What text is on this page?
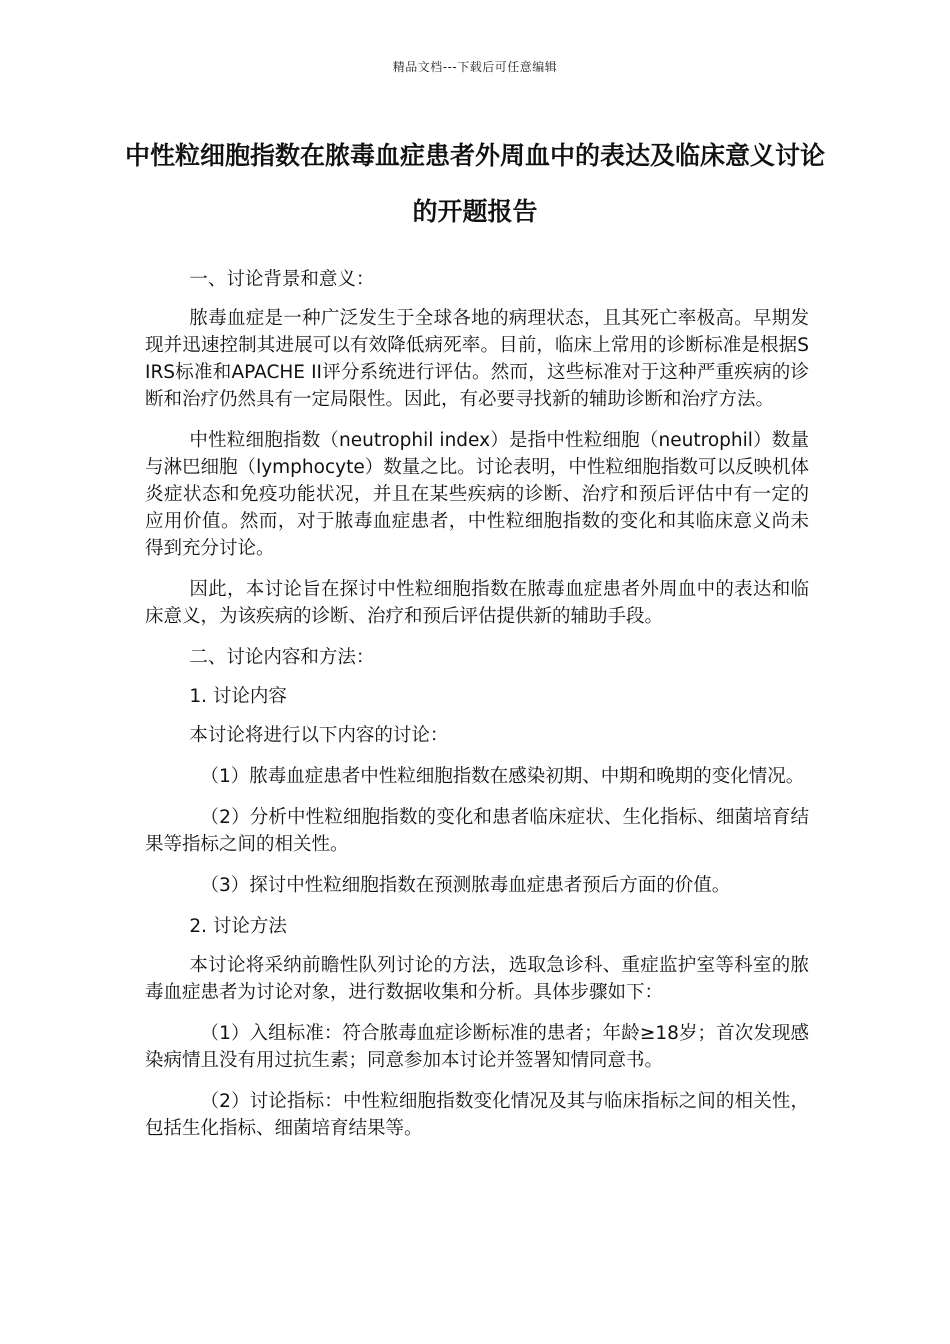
精品文档---下载后可任意编辑
中性粒细胞指数在脓毒血症患者外周血中的表达及临床意义讨论的开题报告

一、讨论背景和意义：

脓毒血症是一种广泛发生于全球各地的病理状态，且其死亡率极高。早期发现并迅速控制其进展可以有效降低病死率。目前，临床上常用的诊断标准是根据SIRS标准和APACHE II评分系统进行评估。然而，这些标准对于这种严重疾病的诊断和治疗仍然具有一定局限性。因此，有必要寻找新的辅助诊断和治疗方法。

中性粒细胞指数（neutrophil index）是指中性粒细胞（neutrophil）数量与淋巴细胞（lymphocyte）数量之比。讨论表明，中性粒细胞指数可以反映机体炎症状态和免疫功能状况，并且在某些疾病的诊断、治疗和预后评估中有一定的应用价值。然而，对于脓毒血症患者，中性粒细胞指数的变化和其临床意义尚未得到充分讨论。

因此，本讨论旨在探讨中性粒细胞指数在脓毒血症患者外周血中的表达和临床意义，为该疾病的诊断、治疗和预后评估提供新的辅助手段。

二、讨论内容和方法：

1. 讨论内容

本讨论将进行以下内容的讨论：

（1）脓毒血症患者中性粒细胞指数在感染初期、中期和晚期的变化情况。

（2）分析中性粒细胞指数的变化和患者临床症状、生化指标、细菌培育结果等指标之间的相关性。

（3）探讨中性粒细胞指数在预测脓毒血症患者预后方面的价值。

2. 讨论方法

本讨论将采纳前瞻性队列讨论的方法，选取急诊科、重症监护室等科室的脓毒血症患者为讨论对象，进行数据收集和分析。具体步骤如下：

（1）入组标准：符合脓毒血症诊断标准的患者；年龄≥18岁；首次发现感染病情且没有用过抗生素；同意参加本讨论并签署知情同意书。

（2）讨论指标：中性粒细胞指数变化情况及其与临床指标之间的相关性，包括生化指标、细菌培育结果等。
